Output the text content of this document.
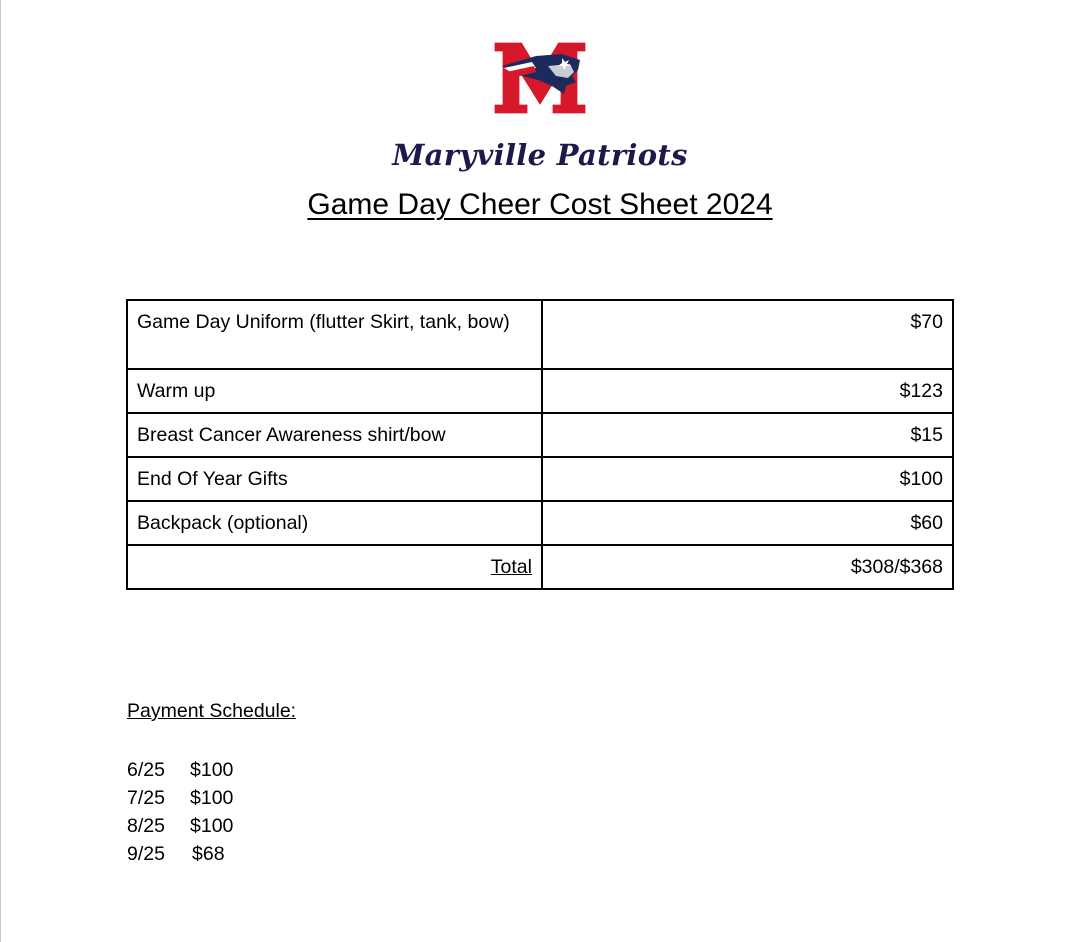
Maryville Patriots
Game Day Cheer Cost Sheet 2024
Game Day Uniform (flutter Skirt, tank, bow)	$70
Warm up	$123
Breast Cancer Awareness shirt/bow	$15
End Of Year Gifts	$100
Backpack (optional)	$60
Total	$308/$368
Payment Schedule:
6/25	$100
7/25	$100
8/25	$100
9/25	$68
